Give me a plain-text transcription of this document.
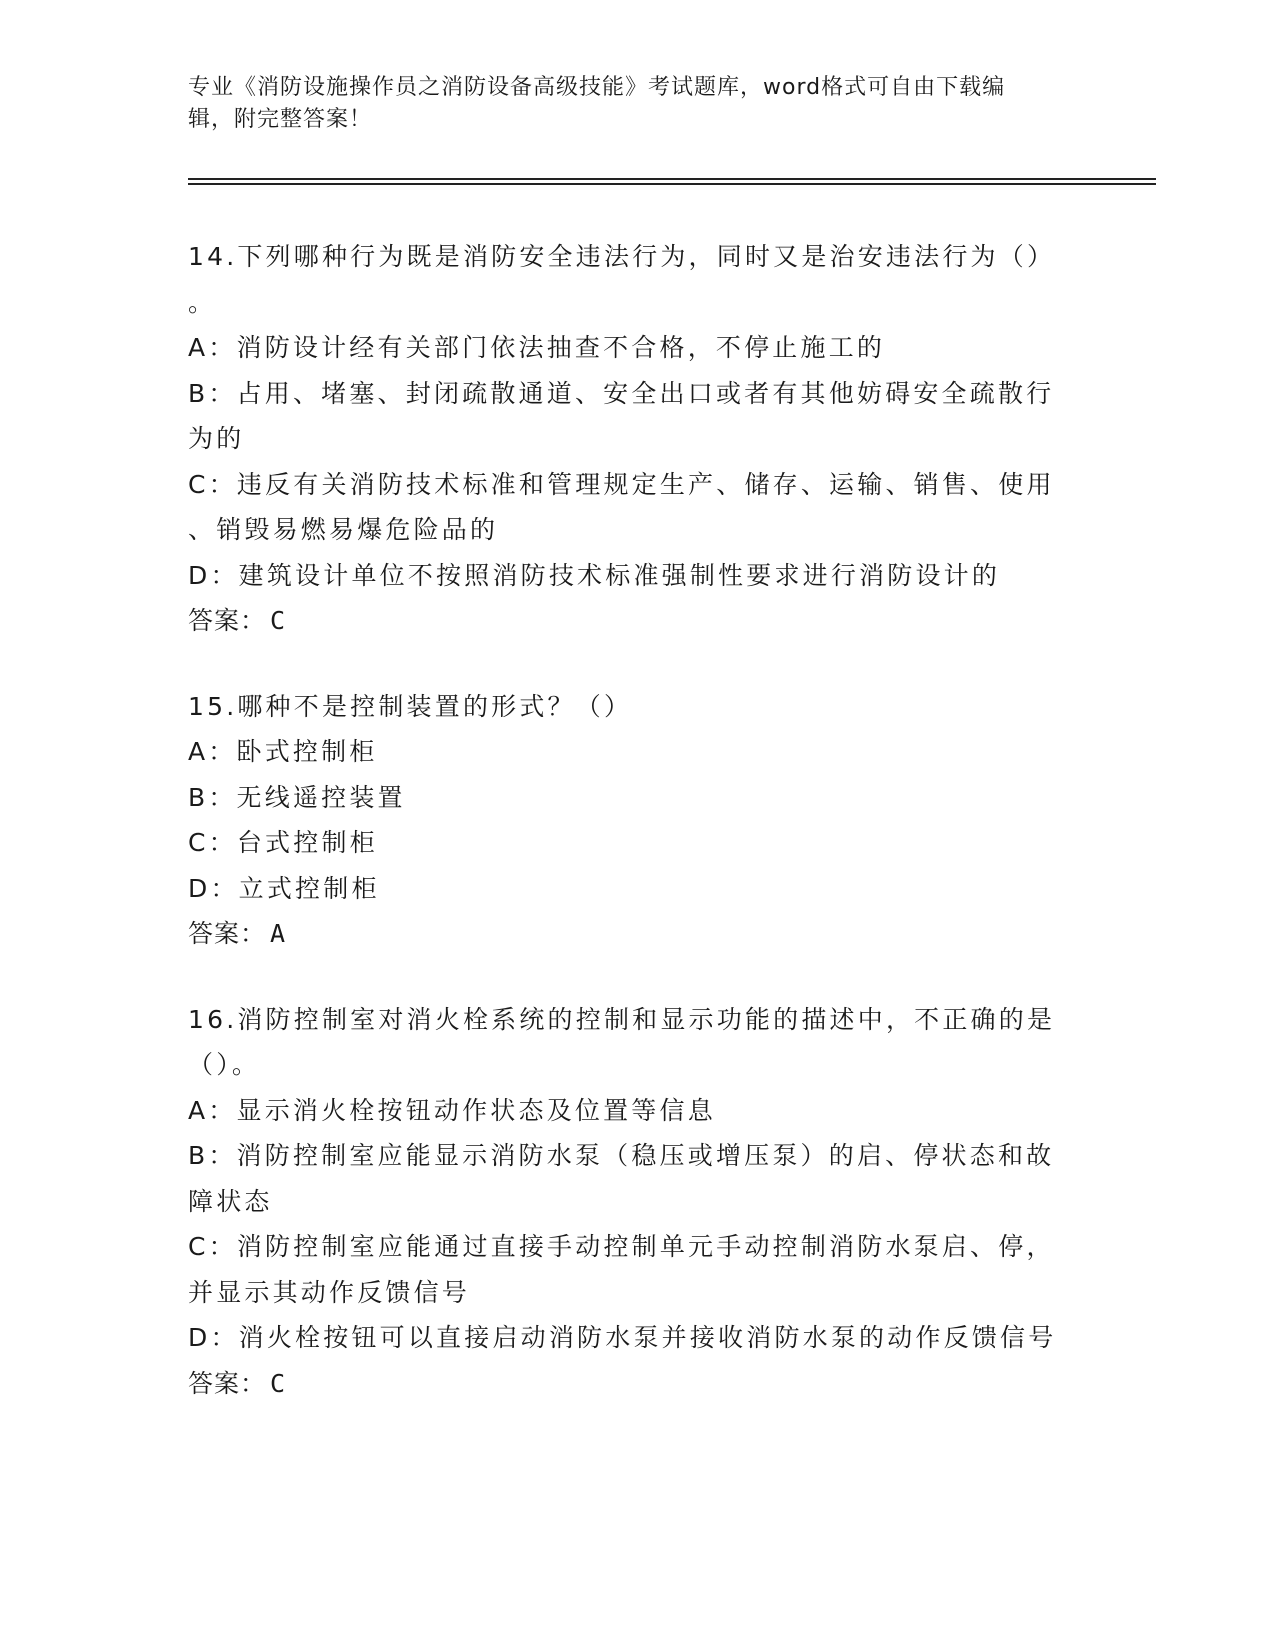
专业《消防设施操作员之消防设备高级技能》考试题库，word格式可自由下载编
辑，附完整答案！
14.下列哪种行为既是消防安全违法行为，同时又是治安违法行为（）
。
A：消防设计经有关部门依法抽查不合格，不停止施工的
B：占用、堵塞、封闭疏散通道、安全出口或者有其他妨碍安全疏散行
为的
C：违反有关消防技术标准和管理规定生产、储存、运输、销售、使用
、销毁易燃易爆危险品的
D：建筑设计单位不按照消防技术标准强制性要求进行消防设计的
答案： C
15.哪种不是控制装置的形式？（）
A：卧式控制柜
B：无线遥控装置
C：台式控制柜
D：立式控制柜
答案： A
16.消防控制室对消火栓系统的控制和显示功能的描述中，不正确的是
（）。
A：显示消火栓按钮动作状态及位置等信息
B：消防控制室应能显示消防水泵（稳压或增压泵）的启、停状态和故
障状态
C：消防控制室应能通过直接手动控制单元手动控制消防水泵启、停，
并显示其动作反馈信号
D：消火栓按钮可以直接启动消防水泵并接收消防水泵的动作反馈信号
答案： C
